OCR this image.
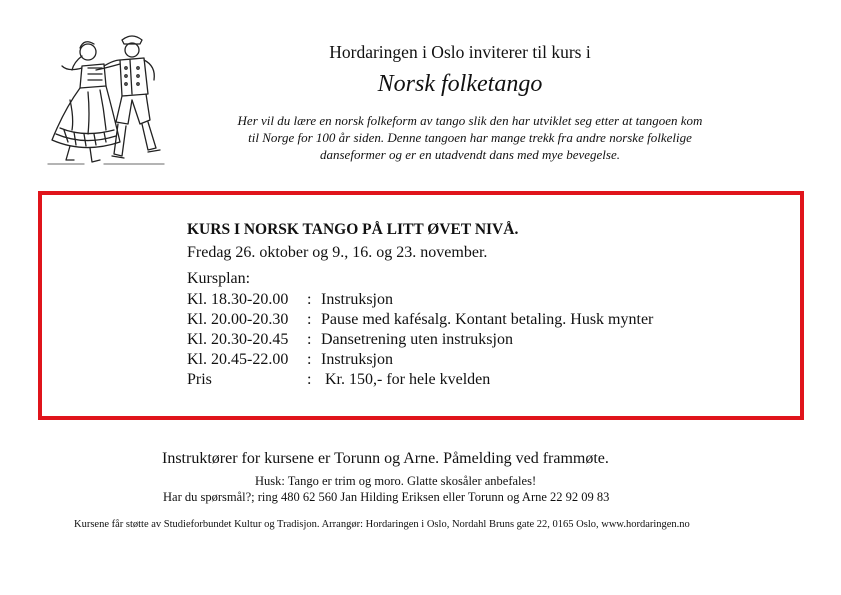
Hordaringen i Oslo inviterer til kurs i
Norsk folketango
Her vil du lære en norsk folkeform av tango slik den har utviklet seg etter at tangoen kom
til Norge for 100 år siden. Denne tangoen har mange trekk fra andre norske folkelige
danseformer og er en utadvendt dans med mye bevegelse.
KURS I NORSK TANGO PÅ LITT ØVET NIVÅ.
Fredag 26. oktober og 9., 16. og 23. november.
Kursplan:
Kl. 18.30-20.00	: Instruksjon
Kl. 20.00-20.30	: Pause med kafésalg. Kontant betaling. Husk mynter
Kl. 20.30-20.45	: Dansetrening uten instruksjon
Kl. 20.45-22.00	: Instruksjon
Pris	: Kr. 150,- for hele kvelden
Instruktører for kursene er Torunn og Arne. Påmelding ved frammøte.
Husk: Tango er trim og moro. Glatte skosåler anbefales!
Har du spørsmål?; ring 480 62 560 Jan Hilding Eriksen eller Torunn og Arne 22 92 09 83
Kursene får støtte av Studieforbundet Kultur og Tradisjon. Arrangør: Hordaringen i Oslo, Nordahl Bruns gate 22, 0165 Oslo, www.hordaringen.no
